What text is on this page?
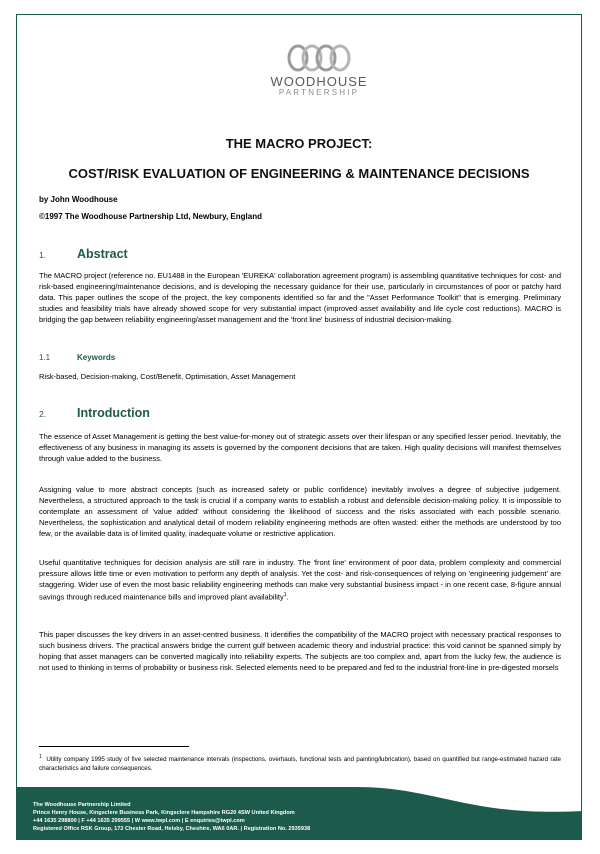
WOODHOUSE
PARTNERSHIP
THE MACRO PROJECT:
COST/RISK EVALUATION OF ENGINEERING & MAINTENANCE DECISIONS
by John Woodhouse
©1997 The Woodhouse Partnership Ltd, Newbury, England
1. Abstract
The MACRO project (reference no. EU1488 in the European 'EUREKA' collaboration agreement program) is assembling quantitative techniques for cost- and risk-based engineering/maintenance decisions, and is developing the necessary guidance for their use, particularly in circumstances of poor or patchy hard data. This paper outlines the scope of the project, the key components identified so far and the "Asset Performance Toolkit" that is emerging. Preliminary studies and feasibility trials have already showed scope for very substantial impact (improved asset availability and life cycle cost reductions). MACRO is bridging the gap between reliability engineering/asset management and the 'front line' business of industrial decision-making.
1.1	Keywords
Risk-based, Decision-making, Cost/Benefit, Optimisation, Asset Management
2. Introduction
The essence of Asset Management is getting the best value-for-money out of strategic assets over their lifespan or any specified lesser period. Inevitably, the effectiveness of any business in managing its assets is governed by the component decisions that are taken. High quality decisions will manifest themselves through value added to the business.
Assigning value to more abstract concepts (such as increased safety or public confidence) inevitably involves a degree of subjective judgement. Nevertheless, a structured approach to the task is crucial if a company wants to establish a robust and defensible decision-making policy. It is impossible to contemplate an assessment of 'value added' without considering the likelihood of success and the risks associated with each possible scenario. Nevertheless, the sophistication and analytical detail of modern reliability engineering methods are often wasted: either the methods are understood by too few, or the available data is of limited quality, inadequate volume or restrictive application.
Useful quantitative techniques for decision analysis are still rare in industry. The 'front line' environment of poor data, problem complexity and commercial pressure allows little time or even motivation to perform any depth of analysis. Yet the cost- and risk-consequences of relying on 'engineering judgement' are staggering. Wider use of even the most basic reliability engineering methods can make very substantial business impact - in one recent case, 8-figure annual savings through reduced maintenance bills and improved plant availability$^1$.
This paper discusses the key drivers in an asset-centred business. It identifies the compatibility of the MACRO project with necessary practical responses to such business drivers. The practical answers bridge the current gulf between academic theory and industrial practice: this void cannot be spanned simply by hoping that asset managers can be converted magically into reliability experts. The subjects are too complex and, apart from the lucky few, the audience is not used to thinking in terms of probability or business risk. Selected elements need to be prepared and fed to the industrial front-line in pre-digested morsels
$^1$ Utility company 1995 study of five selected maintenance intervals (inspections, overhauls, functional tests and painting/lubrication), based on quantified but range-estimated hazard rate characteristics and failure consequences.
The Woodhouse Partnership Limited
Prince Henry House, Kingsclere Business Park, Kingsclere Hampshire RG20 4SW United Kingdom
+44 1635 298800 | F +44 1635 299555 | W www.twpl.com | E enquiries@twpl.com
Registered Office RSK Group, 172 Chester Road, Helsby, Cheshire, WA6 0AR. | Registration No. 2935938
